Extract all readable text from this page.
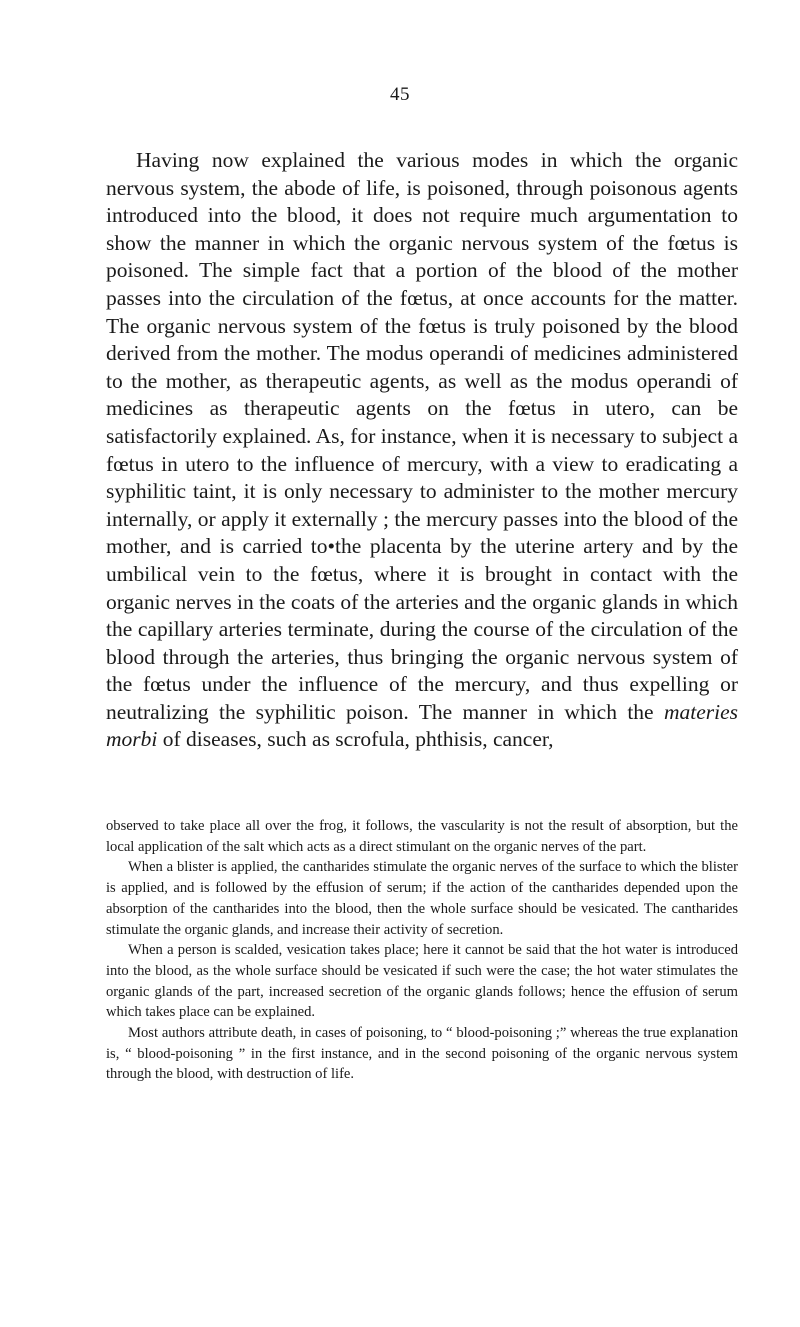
45

Having now explained the various modes in which the organic nervous system, the abode of life, is poisoned, through poisonous agents introduced into the blood, it does not require much argumentation to show the manner in which the organic nervous system of the fœtus is poisoned. The simple fact that a portion of the blood of the mother passes into the circulation of the fœtus, at once accounts for the matter. The organic nervous system of the fœtus is truly poisoned by the blood derived from the mother. The modus operandi of medicines administered to the mother, as therapeutic agents, as well as the modus operandi of medicines as therapeutic agents on the fœtus in utero, can be satisfactorily explained. As, for instance, when it is necessary to subject a fœtus in utero to the influence of mercury, with a view to eradicating a syphilitic taint, it is only necessary to administer to the mother mercury internally, or apply it externally ; the mercury passes into the blood of the mother, and is carried to•the placenta by the uterine artery and by the umbilical vein to the fœtus, where it is brought in contact with the organic nerves in the coats of the arteries and the organic glands in which the capillary arteries terminate, during the course of the circulation of the blood through the arteries, thus bringing the organic nervous system of the fœtus under the influence of the mercury, and thus expelling or neutralizing the syphilitic poison. The manner in which the materies morbi of diseases, such as scrofula, phthisis, cancer,

observed to take place all over the frog, it follows, the vascularity is not the result of absorption, but the local application of the salt which acts as a direct stimulant on the organic nerves of the part.

When a blister is applied, the cantharides stimulate the organic nerves of the surface to which the blister is applied, and is followed by the effusion of serum; if the action of the cantharides depended upon the absorption of the cantharides into the blood, then the whole surface should be vesicated. The cantharides stimulate the organic glands, and increase their activity of secretion.

When a person is scalded, vesication takes place; here it cannot be said that the hot water is introduced into the blood, as the whole surface should be vesicated if such were the case; the hot water stimulates the organic glands of the part, increased secretion of the organic glands follows; hence the effusion of serum which takes place can be explained.

Most authors attribute death, in cases of poisoning, to “ blood-poisoning ;” whereas the true explanation is, “ blood-poisoning ” in the first instance, and in the second poisoning of the organic nervous system through the blood, with destruction of life.
